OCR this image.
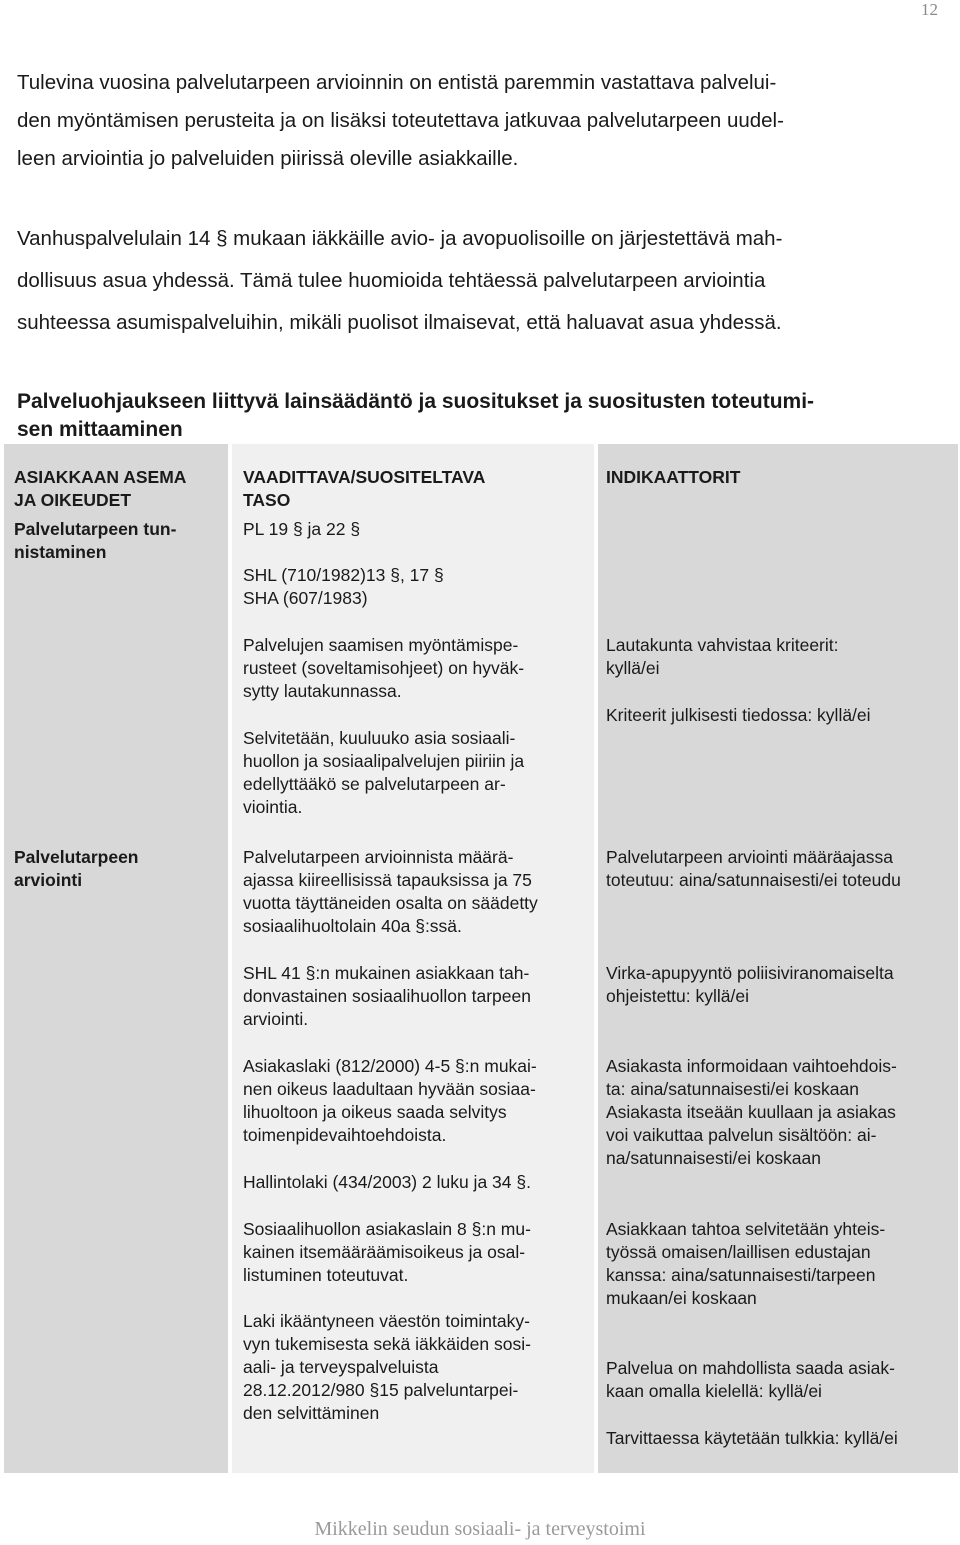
12
Tulevina vuosina palvelutarpeen arvioinnin on entistä paremmin vastattava palvelui-
den myöntämisen perusteita ja on lisäksi toteutettava jatkuvaa palvelutarpeen uudel-
leen arviointia jo palveluiden piirissä oleville asiakkaille.
Vanhuspalvelulain 14 § mukaan iäkkäille avio- ja avopuolisoille on järjestettävä mah-
dollisuus asua yhdessä. Tämä tulee huomioida tehtäessä palvelutarpeen arviointia
suhteessa asumispalveluihin, mikäli puolisot ilmaisevat, että haluavat asua yhdessä.
Palveluohjaukseen liittyvä lainsäädäntö ja suositukset ja suositusten toteutumi-
sen mittaaminen
ASIAKKAAN ASEMA
JA OIKEUDET
VAADITTAVA/SUOSITELTAVA
TASO
INDIKAATTORIT
Palvelutarpeen tun-
nistaminen
PL 19 § ja 22 §
SHL (710/1982)13 §, 17 §
SHA (607/1983)
Palvelujen saamisen myöntämispe-
rusteet (soveltamisohjeet) on hyväk-
sytty lautakunnassa.
Selvitetään, kuuluuko asia sosiaali-
huollon ja sosiaalipalvelujen piiriin ja
edellyttääkö se palvelutarpeen ar-
viointia.
Lautakunta vahvistaa kriteerit:
kyllä/ei
Kriteerit julkisesti tiedossa: kyllä/ei
Palvelutarpeen
arviointi
Palvelutarpeen arvioinnista määrä-
ajassa kiireellisissä tapauksissa ja 75
vuotta täyttäneiden osalta on säädetty
sosiaalihuoltolain 40a §:ssä.
SHL 41 §:n mukainen asiakkaan tah-
donvastainen sosiaalihuollon tarpeen
arviointi.
Asiakaslaki (812/2000) 4-5 §:n mukai-
nen oikeus laadultaan hyvään sosiaa-
lihuoltoon ja oikeus saada selvitys
toimenpidevaihtoehdoista.
Hallintolaki (434/2003) 2 luku ja 34 §.
Sosiaalihuollon asiakaslain 8 §:n mu-
kainen itsemääräämisoikeus ja osal-
listuminen toteutuvat.
Laki ikääntyneen väestön toimintaky-
vyn tukemisesta sekä iäkkäiden sosi-
aali- ja terveyspalveluista
28.12.2012/980 §15 palveluntarpei-
den selvittäminen
Palvelutarpeen arviointi määräajassa
toteutuu: aina/satunnaisesti/ei toteudu
Virka-apupyyntö poliisiviranomaiselta
ohjeistettu: kyllä/ei
Asiakasta informoidaan vaihtoehdois-
ta: aina/satunnaisesti/ei koskaan
Asiakasta itseään kuullaan ja asiakas
voi vaikuttaa palvelun sisältöön: ai-
na/satunnaisesti/ei koskaan
Asiakkaan tahtoa selvitetään yhteis-
työssä omaisen/laillisen edustajan
kanssa: aina/satunnaisesti/tarpeen
mukaan/ei koskaan
Palvelua on mahdollista saada asiak-
kaan omalla kielellä: kyllä/ei
Tarvittaessa käytetään tulkkia: kyllä/ei
Mikkelin seudun sosiaali- ja terveystoimi
